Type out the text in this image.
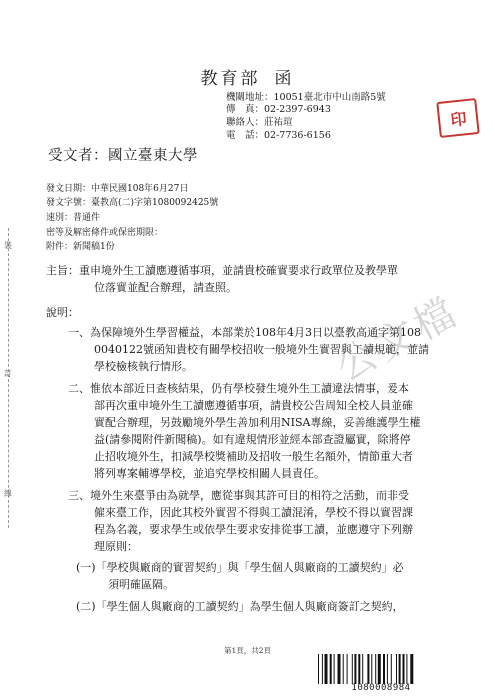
教育部 函
機關地址：10051臺北市中山南路5號
傳　真：02-2397-6943
聯絡人：莊祐瑄
電　話：02-7736-6156
印
受文者：國立臺東大學
發文日期：中華民國108年6月27日
發文字號：臺教高(二)字第1080092425號
速別：普通件
密等及解密條件或保密期限：
附件：新聞稿1份
裝
訂
線
公文檔
主旨：重申境外生工讀應遵循事項，並請貴校確實要求行政單位及教學單
位落實並配合辦理，請查照。
說明：
一、為保障境外生學習權益，本部業於108年4月3日以臺教高通字第108
0040122號函知貴校有關學校招收一般境外生實習與工讀規範，並請
學校檢核執行情形。
二、惟依本部近日查核結果，仍有學校發生境外生工讀違法情事，爰本
部再次重申境外生工讀應遵循事項，請貴校公告周知全校人員並確
實配合辦理，另鼓勵境外學生善加利用NISA專線，妥善維護學生權
益(請參閱附件新聞稿)。如有違規情形並經本部查證屬實，除將停
止招收境外生，扣減學校獎補助及招收一般生名額外，情節重大者
將列專案輔導學校，並追究學校相關人員責任。
三、境外生來臺爭由為就學，應從事與其許可目的相符之活動，而非受
僱來臺工作，因此其校外實習不得與工讀混淆，學校不得以實習課
程為名義，要求學生或依學生要求安排從事工讀，並應遵守下列辦
理原則：
(一)「學校與廠商的實習契約」與「學生個人與廠商的工讀契約」必
須明確區隔。
(二)「學生個人與廠商的工讀契約」為學生個人與廠商簽訂之契約，
第1頁，共2頁
1080008984
